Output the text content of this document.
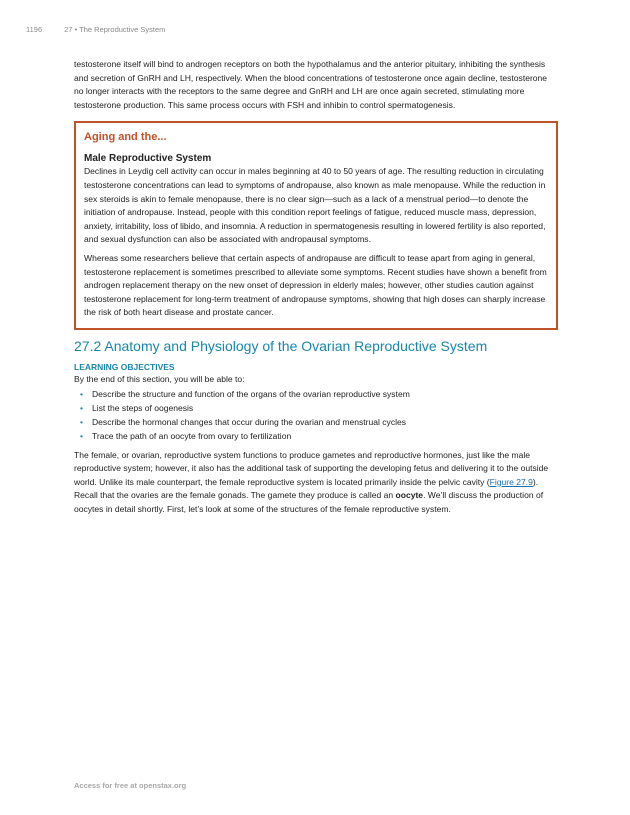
1196	27 • The Reproductive System

testosterone itself will bind to androgen receptors on both the hypothalamus and the anterior pituitary, inhibiting the synthesis and secretion of GnRH and LH, respectively. When the blood concentrations of testosterone once again decline, testosterone no longer interacts with the receptors to the same degree and GnRH and LH are once again secreted, stimulating more testosterone production. This same process occurs with FSH and inhibin to control spermatogenesis.

Aging and the...
Male Reproductive System

Declines in Leydig cell activity can occur in males beginning at 40 to 50 years of age. The resulting reduction in circulating testosterone concentrations can lead to symptoms of andropause, also known as male menopause. While the reduction in sex steroids is akin to female menopause, there is no clear sign—such as a lack of a menstrual period—to denote the initiation of andropause. Instead, people with this condition report feelings of fatigue, reduced muscle mass, depression, anxiety, irritability, loss of libido, and insomnia. A reduction in spermatogenesis resulting in lowered fertility is also reported, and sexual dysfunction can also be associated with andropausal symptoms.

Whereas some researchers believe that certain aspects of andropause are difficult to tease apart from aging in general, testosterone replacement is sometimes prescribed to alleviate some symptoms. Recent studies have shown a benefit from androgen replacement therapy on the new onset of depression in elderly males; however, other studies caution against testosterone replacement for long-term treatment of andropause symptoms, showing that high doses can sharply increase the risk of both heart disease and prostate cancer.

27.2 Anatomy and Physiology of the Ovarian Reproductive System
LEARNING OBJECTIVES

By the end of this section, you will be able to:

• Describe the structure and function of the organs of the ovarian reproductive system
• List the steps of oogenesis
• Describe the hormonal changes that occur during the ovarian and menstrual cycles
• Trace the path of an oocyte from ovary to fertilization

The female, or ovarian, reproductive system functions to produce gametes and reproductive hormones, just like the male reproductive system; however, it also has the additional task of supporting the developing fetus and delivering it to the outside world. Unlike its male counterpart, the female reproductive system is located primarily inside the pelvic cavity (Figure 27.9). Recall that the ovaries are the female gonads. The gamete they produce is called an oocyte. We’ll discuss the production of oocytes in detail shortly. First, let’s look at some of the structures of the female reproductive system.

Access for free at openstax.org
